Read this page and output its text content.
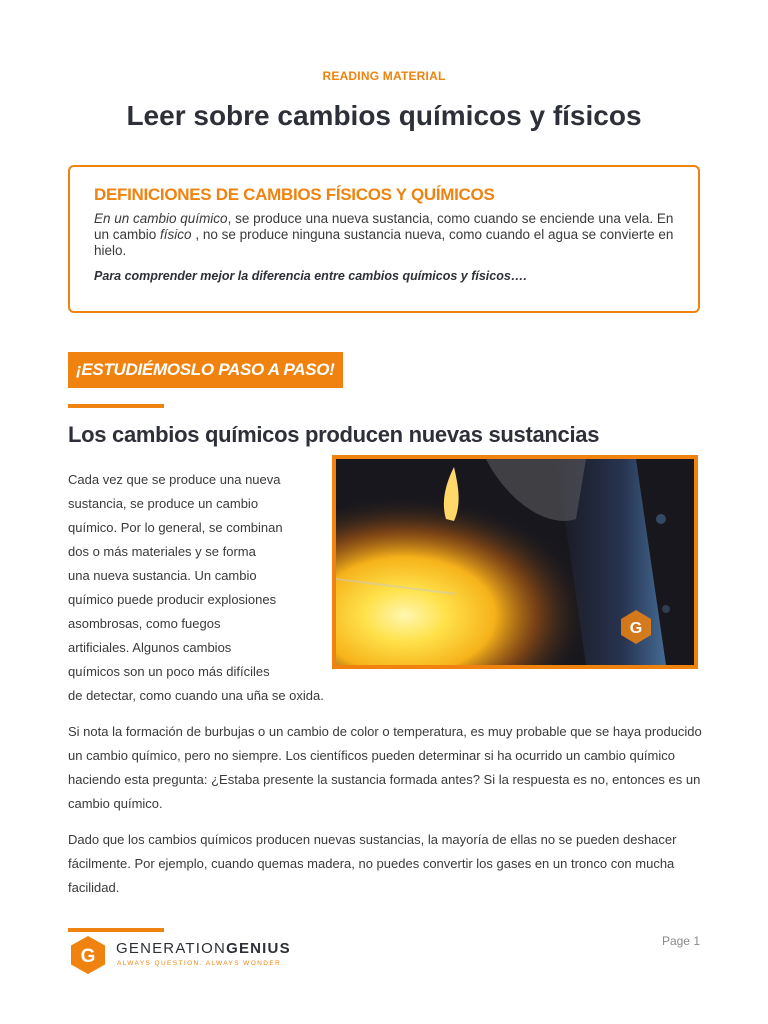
READING MATERIAL
Leer sobre cambios químicos y físicos
DEFINICIONES DE CAMBIOS FÍSICOS Y QUÍMICOS

En un cambio químico, se produce una nueva sustancia, como cuando se enciende una vela. En un cambio físico , no se produce ninguna sustancia nueva, como cuando el agua se convierte en hielo.

Para comprender mejor la diferencia entre cambios químicos y físicos….

¡ESTUDIÉMOSLO PASO A PASO!
Los cambios químicos producen nuevas sustancias
G

Cada vez que se produce una nueva
sustancia, se produce un cambio
químico. Por lo general, se combinan
dos o más materiales y se forma
una nueva sustancia. Un cambio
químico puede producir explosiones
asombrosas, como fuegos
artificiales. Algunos cambios
químicos son un poco más difíciles
de detectar, como cuando una uña se oxida.

Si nota la formación de burbujas o un cambio de color o temperatura, es muy probable que se haya producido un cambio químico, pero no siempre. Los científicos pueden determinar si ha ocurrido un cambio químico haciendo esta pregunta: ¿Estaba presente la sustancia formada antes? Si la respuesta es no, entonces es un cambio químico.

Dado que los cambios químicos producen nuevas sustancias, la mayoría de ellas no se pueden deshacer fácilmente. Por ejemplo, cuando quemas madera, no puedes convertir los gases en un tronco con mucha facilidad.

G GENERATIONGENIUS
ALWAYS QUESTION. ALWAYS WONDER.
Page 1
